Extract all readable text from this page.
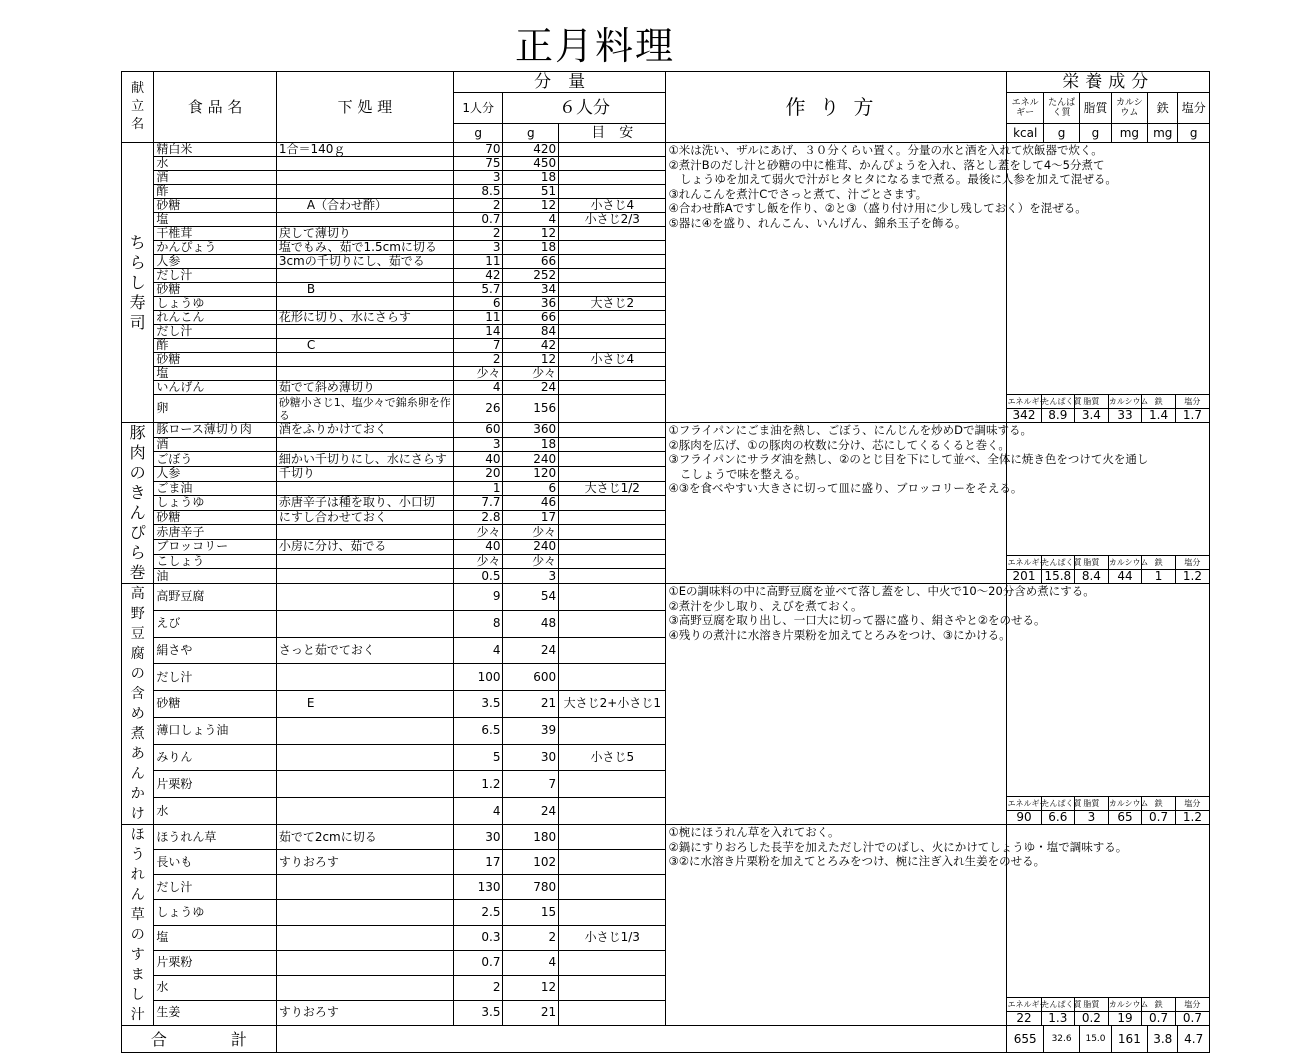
正月料理
献
立
名	食 品 名	下 処 理	分　量	作り方	栄養成分
1人分	６人分	エネルギー	たんぱく質	脂質	カルシウム	鉄	塩分
g	g	目　安	kcal	g	g	mg	mg	g

ち
ら
し
寿
司
	精白米	1合＝140ｇ	70	420		①米は洗い、ザルにあげ、３０分くらい置く。分量の水と酒を入れて炊飯器で炊く。
②煮汁Bのだし汁と砂糖の中に椎茸、かんぴょうを入れ、落とし蓋をして4～5分煮て
　しょうゆを加えて弱火で汁がヒタヒタになるまで煮る。最後に人参を加えて混ぜる。
③れんこんを煮汁Cでさっと煮て、汁ごとさます。
④合わせ酢Aですし飯を作り、②と③（盛り付け用に少し残しておく）を混ぜる。
⑤器に④を盛り、れんこん、いんげん、錦糸玉子を飾る。	
エネルギー	たんぱく質	脂質	カルシウム	鉄	塩分
342	8.9	3.4	33	1.4	1.7

水		75	450	
酒		3	18	
酢		8.5	51	
砂糖	A（合わせ酢）	2	12	小さじ4
塩		0.7	4	小さじ2/3
干椎茸	戻して薄切り	2	12	
かんぴょう	塩でもみ、茹で1.5cmに切る	3	18	
人参	3cmの千切りにし、茹でる	11	66	
だし汁		42	252	
砂糖	B	5.7	34	
しょうゆ		6	36	大さじ2
れんこん	花形に切り、水にさらす	11	66	
だし汁		14	84	
酢	C	7	42	
砂糖		2	12	小さじ4
塩		少々	少々	
いんげん	茹でて斜め薄切り	4	24	
卵	砂糖小さじ1、塩少々で錦糸卵を作る	26	156	

豚
肉
の
き
ん
ぴ
ら
巻
	豚ロース薄切り肉	酒をふりかけておく	60	360		①フライパンにごま油を熱し、ごぼう、にんじんを炒めDで調味する。
②豚肉を広げ、①の豚肉の枚数に分け、芯にしてくるくると巻く。
③フライパンにサラダ油を熱し、②のとじ目を下にして並べ、全体に焼き色をつけて火を通し
　こしょうで味を整える。
④③を食べやすい大きさに切って皿に盛り、ブロッコリーをそえる。	
エネルギー	たんぱく質	脂質	カルシウム	鉄	塩分
201	15.8	8.4	44	1	1.2

酒		3	18	
ごぼう	細かい千切りにし、水にさらす	40	240	
人参	千切り	20	120	
ごま油		1	6	大さじ1/2
しょうゆ	赤唐辛子は種を取り、小口切	7.7	46	
砂糖	にすし合わせておく	2.8	17	
赤唐辛子		少々	少々	
ブロッコリー	小房に分け、茹でる	40	240	
こしょう		少々	少々	
油		0.5	3	

高
野
豆
腐
の
含
め
煮
あ
ん
か
け
	高野豆腐		9	54		①Eの調味料の中に高野豆腐を並べて落し蓋をし、中火で10～20分含め煮にする。
②煮汁を少し取り、えびを煮ておく。
③高野豆腐を取り出し、一口大に切って器に盛り、絹さやと②をのせる。
④残りの煮汁に水溶き片栗粉を加えてとろみをつけ、③にかける。	
エネルギー	たんぱく質	脂質	カルシウム	鉄	塩分
90	6.6	3	65	0.7	1.2

えび		8	48	
絹さや	さっと茹でておく	4	24	
だし汁		100	600	
砂糖	E	3.5	21	大さじ2+小さじ1
薄口しょう油		6.5	39	
みりん		5	30	小さじ5
片栗粉		1.2	7	
水		4	24	

ほ
う
れ
ん
草
の
す
ま
し
汁
	ほうれん草	茹でて2cmに切る	30	180		①椀にほうれん草を入れておく。
②鍋にすりおろした長芋を加えただし汁でのばし、火にかけてしょうゆ・塩で調味する。
③②に水溶き片栗粉を加えてとろみをつけ、椀に注ぎ入れ生姜をのせる。	
エネルギー	たんぱく質	脂質	カルシウム	鉄	塩分
22	1.3	0.2	19	0.7	0.7

長いも	すりおろす	17	102	
だし汁		130	780	
しょうゆ		2.5	15	
塩		0.3	2	小さじ1/3
片栗粉		0.7	4	
水		2	12	
生姜	すりおろす	3.5	21	
合　　　　計		655	32.6	15.0	161	3.8	4.7
